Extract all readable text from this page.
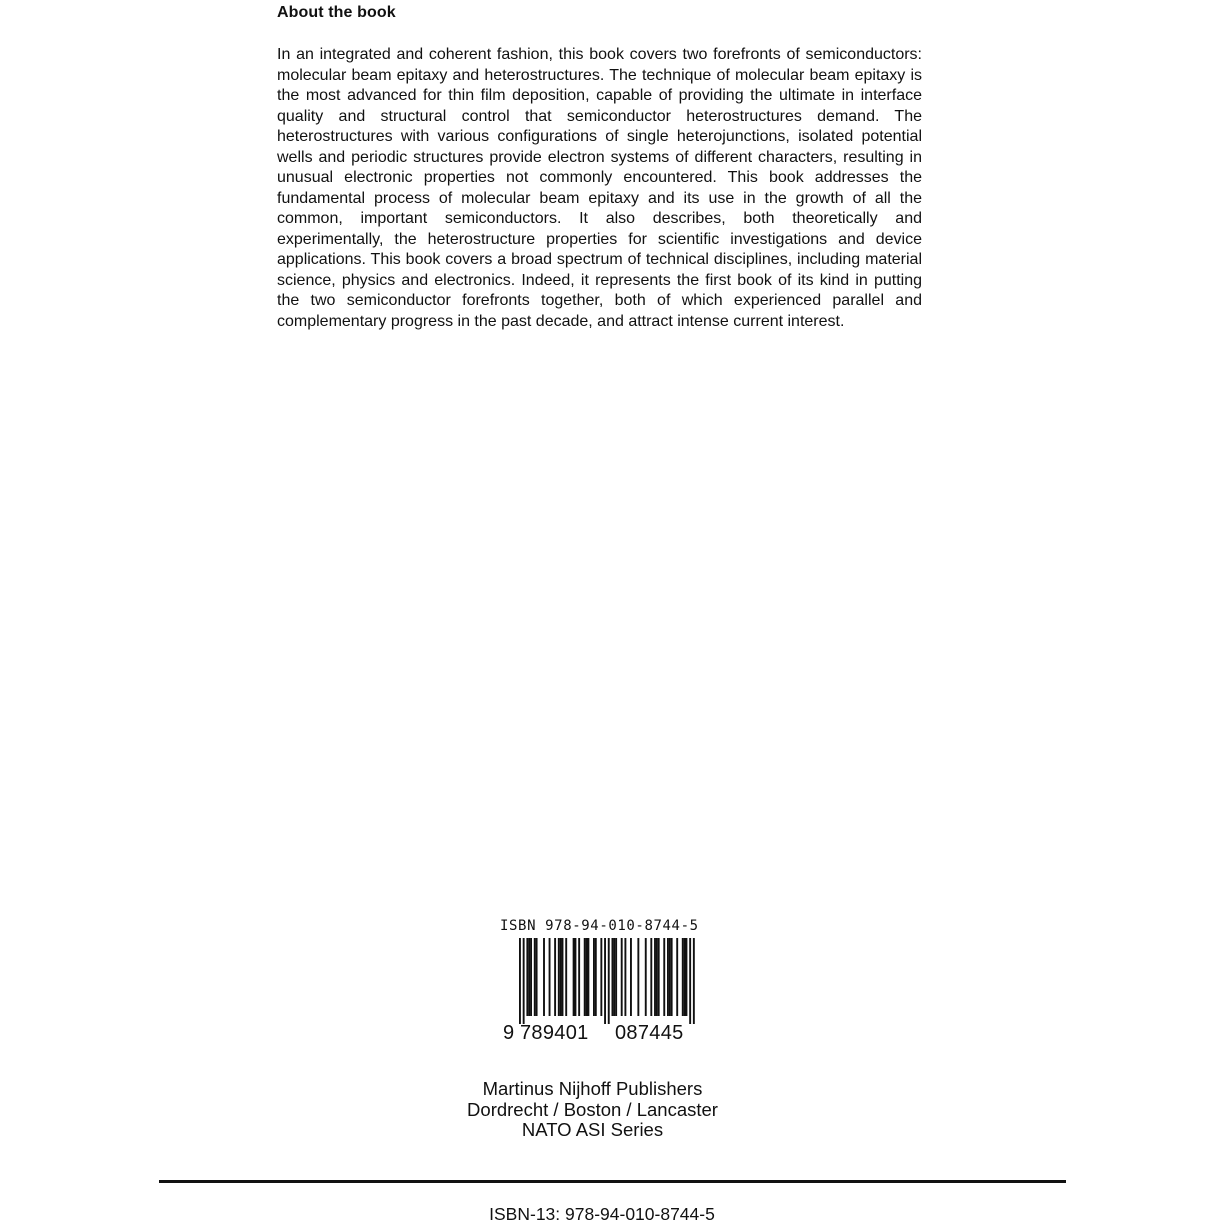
About the book
In an integrated and coherent fashion, this book covers two forefronts of semiconductors: molecular beam epitaxy and heterostructures. The technique of molecular beam epitaxy is the most advanced for thin film deposition, capable of providing the ultimate in interface quality and structural control that semiconductor heterostructures demand. The heterostructures with various configurations of single heterojunctions, isolated potential wells and periodic structures provide electron systems of different characters, resulting in unusual electronic properties not commonly encountered. This book addresses the fundamental process of molecular beam epitaxy and its use in the growth of all the common, important semiconductors. It also describes, both theoretically and experimentally, the heterostructure properties for scientific investigations and device applications. This book covers a broad spectrum of technical disciplines, including material science, physics and electronics. Indeed, it represents the first book of its kind in putting the two semiconductor forefronts together, both of which experienced parallel and complementary progress in the past decade, and attract intense current interest.
ISBN 978-94-010-8744-5
9 789401 087445
Martinus Nijhoff Publishers
Dordrecht / Boston / Lancaster
NATO ASI Series
ISBN-13: 978-94-010-8744-5
